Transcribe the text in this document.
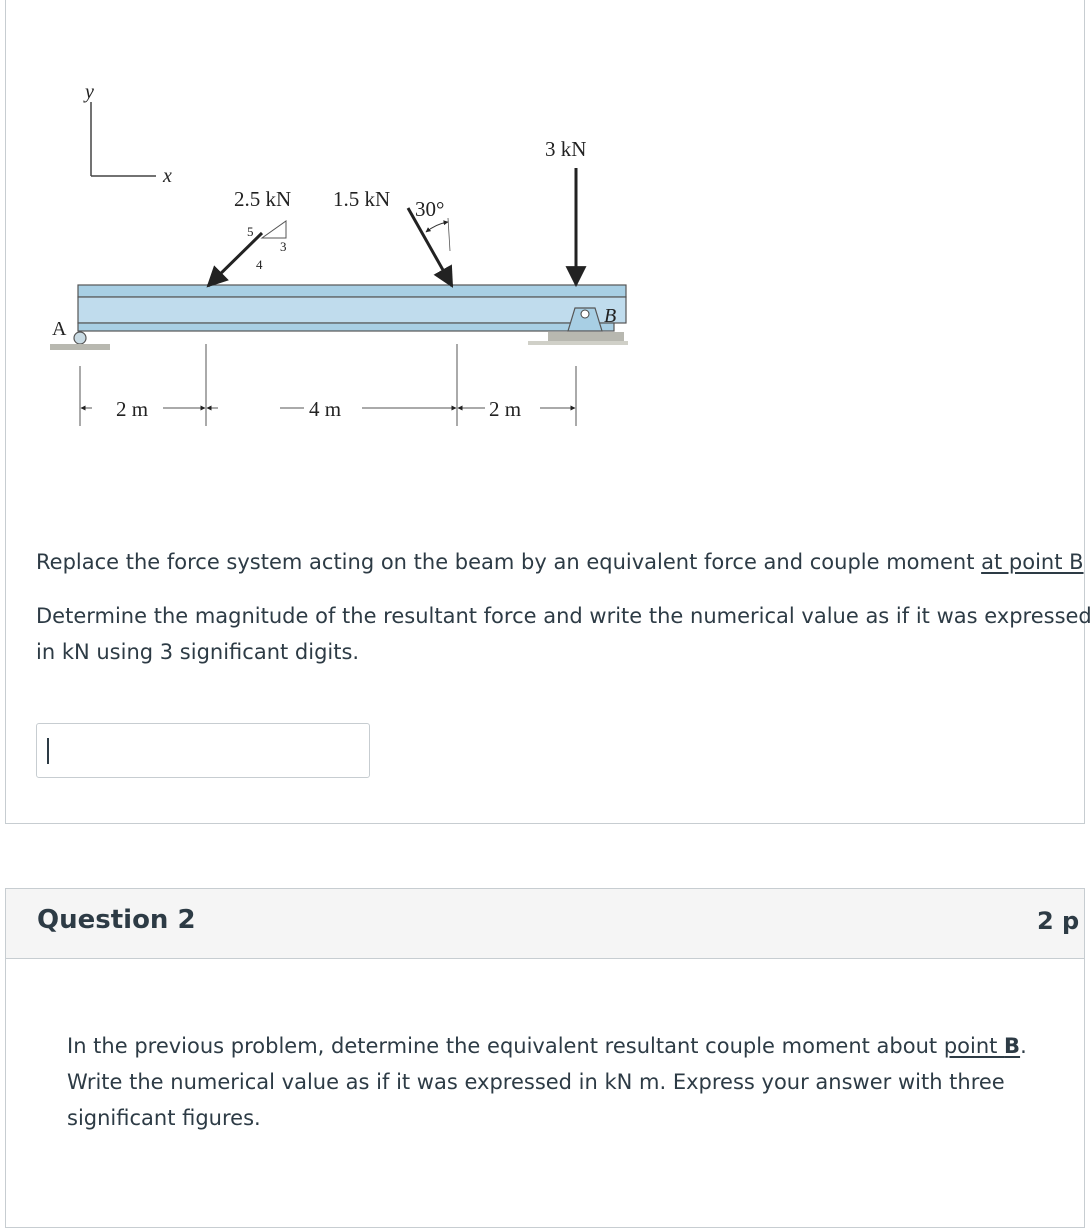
y
x
A
B
2.5 kN
5
3
4
1.5 kN 30°
3 kN
2 m	4 m	2 m
Replace the force system acting on the beam by an equivalent force and couple moment at point B
Determine the magnitude of the resultant force and write the numerical value as if it was expressed
in kN using 3 significant digits.
Question 2	2 p
In the previous problem, determine the equivalent resultant couple moment about point B. Write the numerical value as if it was expressed in kN m. Express your answer with three significant figures.
